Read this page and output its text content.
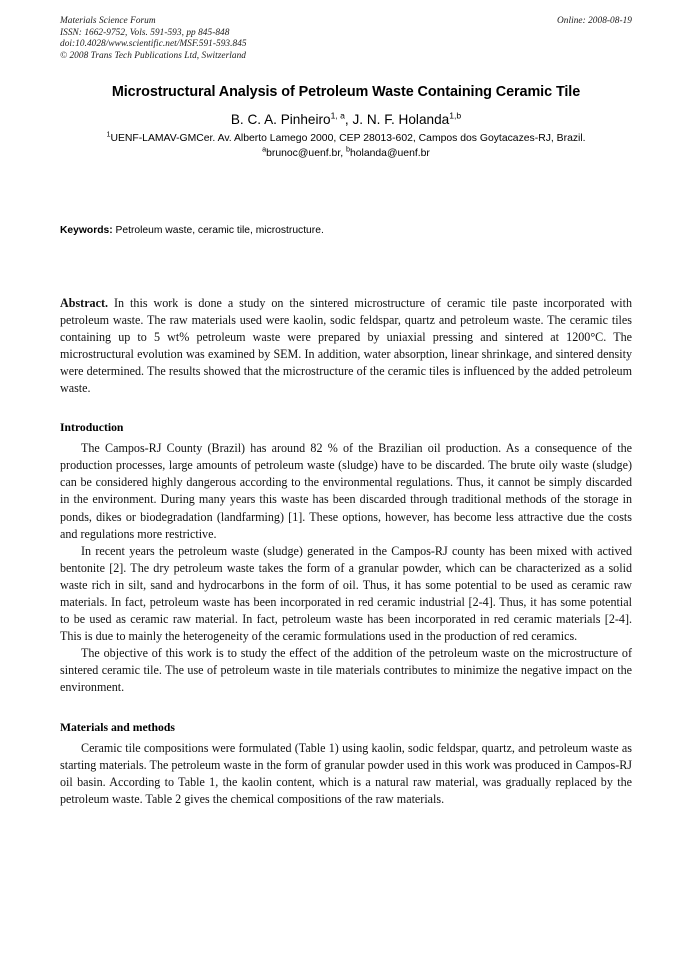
Materials Science Forum
ISSN: 1662-9752, Vols. 591-593, pp 845-848
doi:10.4028/www.scientific.net/MSF.591-593.845
© 2008 Trans Tech Publications Ltd, Switzerland
Online: 2008-08-19
Microstructural Analysis of Petroleum Waste Containing Ceramic Tile
B. C. A. Pinheiro$^{1, a}$, J. N. F. Holanda$^{1,b}$
$^1$UENF-LAMAV-GMCer. Av. Alberto Lamego 2000, CEP 28013-602, Campos dos Goytacazes-RJ, Brazil.
$^a$brunoc@uenf.br, $^b$holanda@uenf.br
Keywords: Petroleum waste, ceramic tile, microstructure.
Abstract. In this work is done a study on the sintered microstructure of ceramic tile paste incorporated with petroleum waste. The raw materials used were kaolin, sodic feldspar, quartz and petroleum waste. The ceramic tiles containing up to 5 wt% petroleum waste were prepared by uniaxial pressing and sintered at 1200°C. The microstructural evolution was examined by SEM. In addition, water absorption, linear shrinkage, and sintered density were determined. The results showed that the microstructure of the ceramic tiles is influenced by the added petroleum waste.
Introduction
The Campos-RJ County (Brazil) has around 82 % of the Brazilian oil production. As a consequence of the production processes, large amounts of petroleum waste (sludge) have to be discarded. The brute oily waste (sludge) can be considered highly dangerous according to the environmental regulations. Thus, it cannot be simply discarded in the environment. During many years this waste has been discarded through traditional methods of the storage in ponds, dikes or biodegradation (landfarming) [1]. These options, however, has become less attractive due the costs and regulations more restrictive.
In recent years the petroleum waste (sludge) generated in the Campos-RJ county has been mixed with actived bentonite [2]. The dry petroleum waste takes the form of a granular powder, which can be characterized as a solid waste rich in silt, sand and hydrocarbons in the form of oil. Thus, it has some potential to be used as ceramic raw materials. In fact, petroleum waste has been incorporated in red ceramic industrial [2-4]. Thus, it has some potential to be used as ceramic raw material. In fact, petroleum waste has been incorporated in red ceramic materials [2-4]. This is due to mainly the heterogeneity of the ceramic formulations used in the production of red ceramics.
The objective of this work is to study the effect of the addition of the petroleum waste on the microstructure of sintered ceramic tile. The use of petroleum waste in tile materials contributes to minimize the negative impact on the environment.
Materials and methods
Ceramic tile compositions were formulated (Table 1) using kaolin, sodic feldspar, quartz, and petroleum waste as starting materials. The petroleum waste in the form of granular powder used in this work was produced in Campos-RJ oil basin. According to Table 1, the kaolin content, which is a natural raw material, was gradually replaced by the petroleum waste. Table 2 gives the chemical compositions of the raw materials.
